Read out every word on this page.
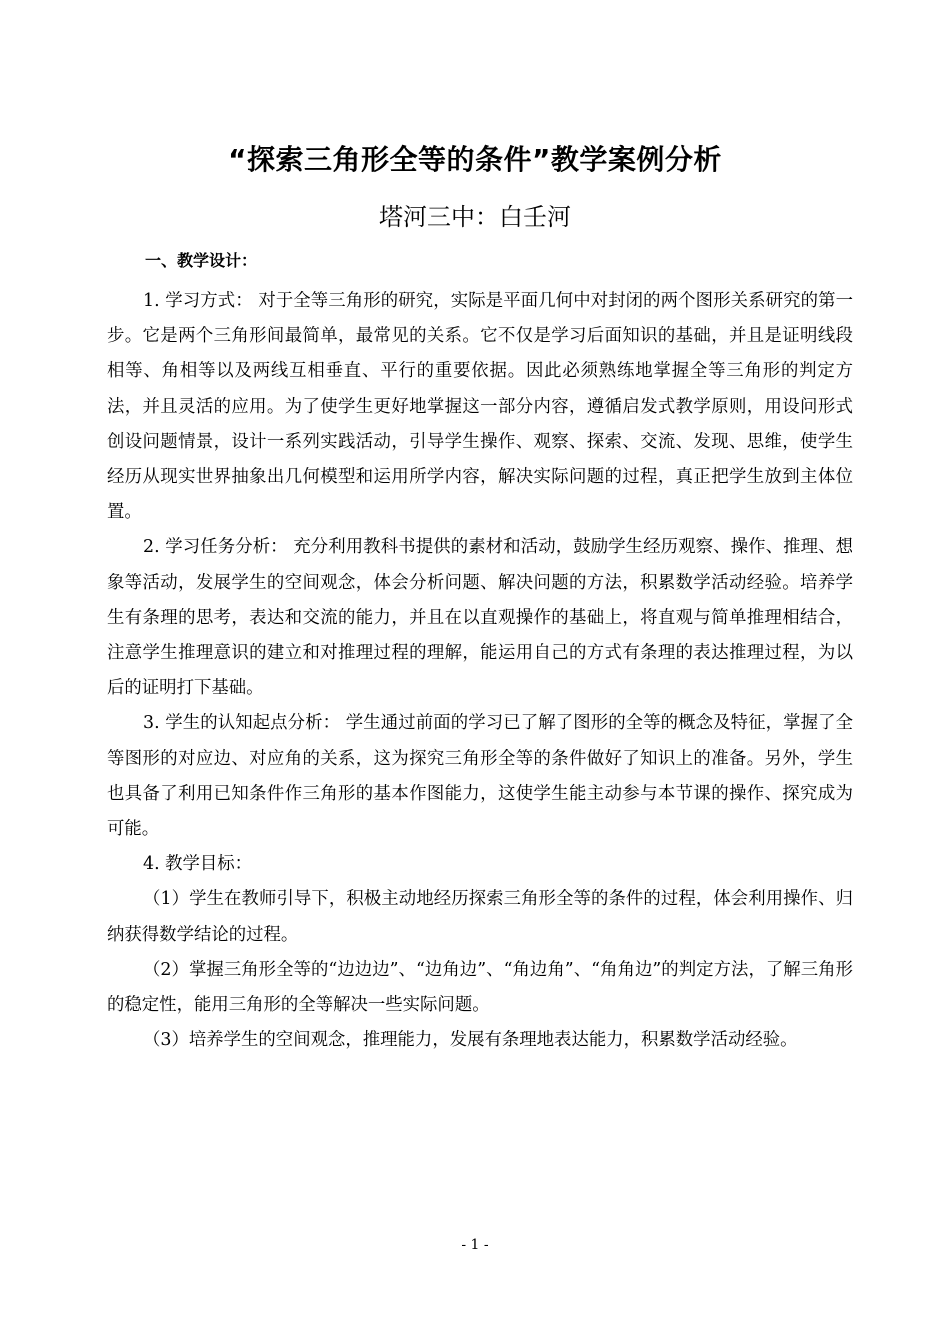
“探索三角形全等的条件”教学案例分析
塔河三中：白壬河
一、教学设计：

1. 学习方式： 对于全等三角形的研究，实际是平面几何中对封闭的两个图形关系研究的第一步。它是两个三角形间最简单，最常见的关系。它不仅是学习后面知识的基础，并且是证明线段相等、角相等以及两线互相垂直、平行的重要依据。因此必须熟练地掌握全等三角形的判定方法，并且灵活的应用。为了使学生更好地掌握这一部分内容，遵循启发式教学原则，用设问形式创设问题情景，设计一系列实践活动，引导学生操作、观察、探索、交流、发现、思维，使学生经历从现实世界抽象出几何模型和运用所学内容，解决实际问题的过程，真正把学生放到主体位置。

2. 学习任务分析： 充分利用教科书提供的素材和活动，鼓励学生经历观察、操作、推理、想象等活动，发展学生的空间观念，体会分析问题、解决问题的方法，积累数学活动经验。培养学生有条理的思考，表达和交流的能力，并且在以直观操作的基础上，将直观与简单推理相结合，注意学生推理意识的建立和对推理过程的理解，能运用自己的方式有条理的表达推理过程，为以后的证明打下基础。

3. 学生的认知起点分析： 学生通过前面的学习已了解了图形的全等的概念及特征，掌握了全等图形的对应边、对应角的关系，这为探究三角形全等的条件做好了知识上的准备。另外，学生也具备了利用已知条件作三角形的基本作图能力，这使学生能主动参与本节课的操作、探究成为可能。

4. 教学目标：

（1）学生在教师引导下，积极主动地经历探索三角形全等的条件的过程，体会利用操作、归纳获得数学结论的过程。

（2）掌握三角形全等的“边边边”、“边角边”、“角边角”、“角角边”的判定方法，了解三角形的稳定性，能用三角形的全等解决一些实际问题。

（3）培养学生的空间观念，推理能力，发展有条理地表达能力，积累数学活动经验。

- 1 -
